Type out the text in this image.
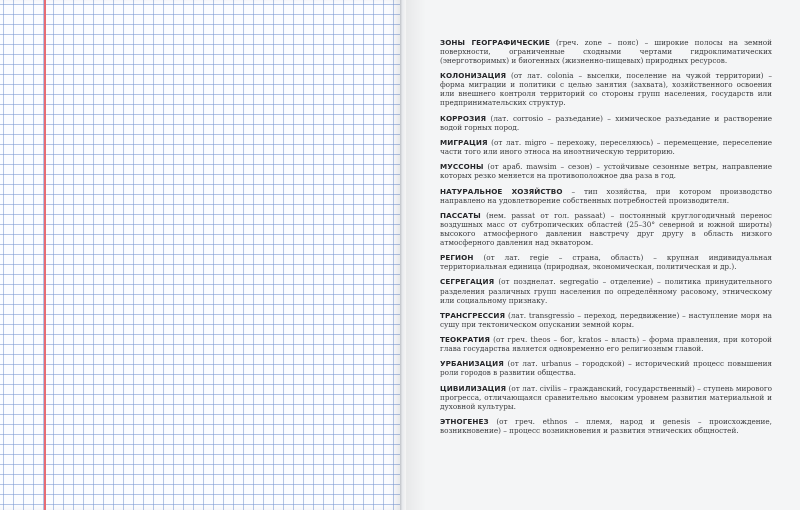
ЗОНЫ ГЕОГРАФИЧЕСКИЕ (греч. zone – пояс) – широкие полосы на земной поверхности, ограниченные сходными чертами гидроклиматических (энерготворимых) и биогенных (жизненно-пищевых) природных ресурсов.

КОЛОНИЗАЦИЯ (от лат. colonia – выселки, поселение на чужой территории) – форма миграции и политики с целью занятия (захвата), хозяйственного освоения или внешнего контроля территорий со стороны групп населения, государств или предпринимательских структур.

КОРРОЗИЯ (лат. corrosio – разъедание) – химическое разъедание и растворение водой горных пород.

МИГРАЦИЯ (от лат. migro – перехожу, переселяюсь) – перемещение, переселение части того или иного этноса на иноэтническую территорию.

МУССОНЫ (от араб. mawsim – сезон) – устойчивые сезонные ветры, направление которых резко меняется на противоположное два раза в год.

НАТУРАЛЬНОЕ ХОЗЯЙСТВО – тип хозяйства, при котором производство направлено на удовлетворение собственных потребностей производителя.

ПАССАТЫ (нем. passat от гол. passaat) – постоянный круглогодичный перенос воздушных масс от субтропических областей (25–30° северной и южной широты) высокого атмосферного давления навстречу друг другу в область низкого атмосферного давления над экватором.

РЕГИОН (от лат. regie – страна, область) – крупная индивидуальная территориальная единица (природная, экономическая, политическая и др.).

СЕГРЕГАЦИЯ (от позднелат. segregatio – отделение) – политика принудительного разделения различных групп населения по определённому расовому, этническому или социальному признаку.

ТРАНСГРЕССИЯ (лат. transgressio – переход, передвижение) – наступление моря на сушу при тектоническом опускании земной коры.

ТЕОКРАТИЯ (от греч. theos – бог, kratos – власть) – форма правления, при которой глава государства является одновременно его религиозным главой.

УРБАНИЗАЦИЯ (от лат. urbanus – городской) – исторический процесс повышения роли городов в развитии общества.

ЦИВИЛИЗАЦИЯ (от лат. civilis – гражданский, государственный) – ступень мирового прогресса, отличающаяся сравнительно высоким уровнем развития материальной и духовной культуры.

ЭТНОГЕНЕЗ (от греч. ethnos – племя, народ и genesis – происхождение, возникновение) – процесс возникновения и развития этнических общностей.
